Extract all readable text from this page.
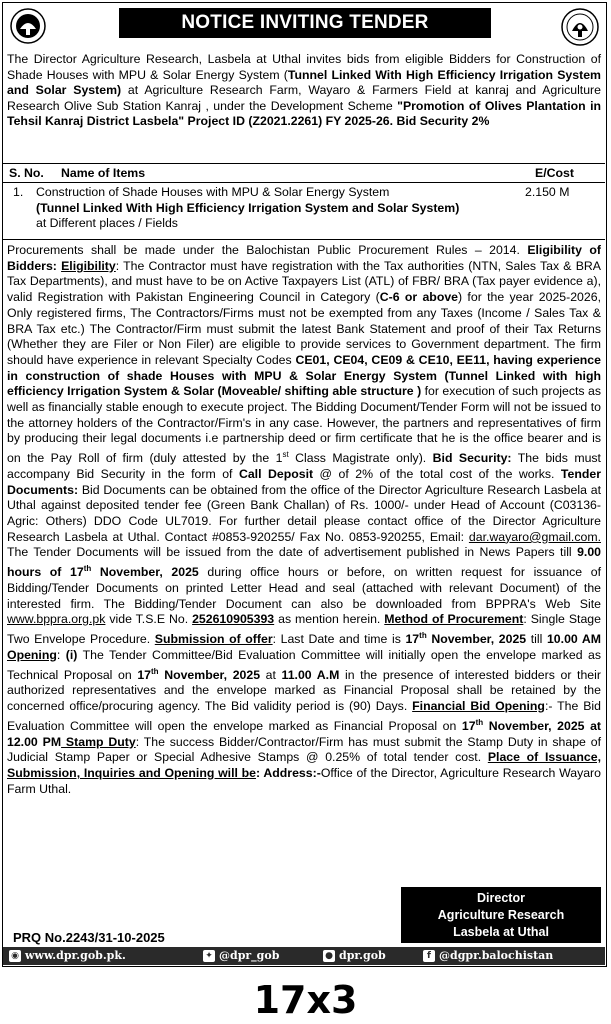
NOTICE INVITING TENDER
The Director Agriculture Research, Lasbela at Uthal invites bids from eligible Bidders for Construction of Shade Houses with MPU & Solar Energy System (Tunnel Linked With High Efficiency Irrigation System and Solar System) at Agriculture Research Farm, Wayaro & Farmers Field at kanraj and Agriculture Research Olive Sub Station Kanraj , under the Development Scheme "Promotion of Olives Plantation in Tehsil Kanraj District Lasbela" Project ID (Z2021.2261) FY 2025-26. Bid Security 2%
S. No. Name of Items	E/Cost
1. Construction of Shade Houses with MPU & Solar Energy System
(Tunnel Linked With High Efficiency Irrigation System and Solar System)
at Different places / Fields
2.150 M
Procurements shall be made under the Balochistan Public Procurement Rules – 2014. Eligibility of Bidders: Eligibility: The Contractor must have registration with the Tax authorities (NTN, Sales Tax & BRA Tax Departments), and must have to be on Active Taxpayers List (ATL) of FBR/ BRA (Tax payer evidence a), valid Registration with Pakistan Engineering Council in Category (C-6 or above) for the year 2025-2026, Only registered firms, The Contractors/Firms must not be exempted from any Taxes (Income / Sales Tax & BRA Tax etc.) The Contractor/Firm must submit the latest Bank Statement and proof of their Tax Returns (Whether they are Filer or Non Filer) are eligible to provide services to Government department. The firm should have experience in relevant Specialty Codes CE01, CE04, CE09 & CE10, EE11, having experience in construction of shade Houses with MPU & Solar Energy System (Tunnel Linked with high efficiency Irrigation System & Solar (Moveable/ shifting able structure ) for execution of such projects as well as financially stable enough to execute project. The Bidding Document/Tender Form will not be issued to the attorney holders of the Contractor/Firm's in any case. However, the partners and representatives of firm by producing their legal documents i.e partnership deed or firm certificate that he is the office bearer and is on the Pay Roll of firm (duly attested by the 1st Class Magistrate only). Bid Security: The bids must accompany Bid Security in the form of Call Deposit @ of 2% of the total cost of the works. Tender Documents: Bid Documents can be obtained from the office of the Director Agriculture Research Lasbela at Uthal against deposited tender fee (Green Bank Challan) of Rs. 1000/- under Head of Account (C03136-Agric: Others) DDO Code UL7019. For further detail please contact office of the Director Agriculture Research Lasbela at Uthal. Contact #0853-920255/ Fax No. 0853-920255, Email: dar.wayaro@gmail.com. The Tender Documents will be issued from the date of advertisement published in News Papers till 9.00 hours of 17th November, 2025 during office hours or before, on written request for issuance of Bidding/Tender Documents on printed Letter Head and seal (attached with relevant Document) of the interested firm. The Bidding/Tender Document can also be downloaded from BPPRA's Web Site www.bppra.org.pk vide T.S.E No. 252610905393 as mention herein. Method of Procurement: Single Stage Two Envelope Procedure. Submission of offer: Last Date and time is 17th November, 2025 till 10.00 AM Opening: (i) The Tender Committee/Bid Evaluation Committee will initially open the envelope marked as Technical Proposal on 17th November, 2025 at 11.00 A.M in the presence of interested bidders or their authorized representatives and the envelope marked as Financial Proposal shall be retained by the concerned office/procuring agency. The Bid validity period is (90) Days. Financial Bid Opening:- The Bid Evaluation Committee will open the envelope marked as Financial Proposal on 17th November, 2025 at 12.00 PM Stamp Duty: The success Bidder/Contractor/Firm has must submit the Stamp Duty in shape of Judicial Stamp Paper or Special Adhesive Stamps @ 0.25% of total tender cost. Place of Issuance, Submission, Inquiries and Opening will be: Address:-Office of the Director, Agriculture Research Wayaro Farm Uthal.
Director
Agriculture Research
Lasbela at Uthal
PRQ No.2243/31-10-2025
◉ www.dpr.gob.pk.	✦ @dpr_gob	● dpr.gob	f @dgpr.balochistan
17x3
